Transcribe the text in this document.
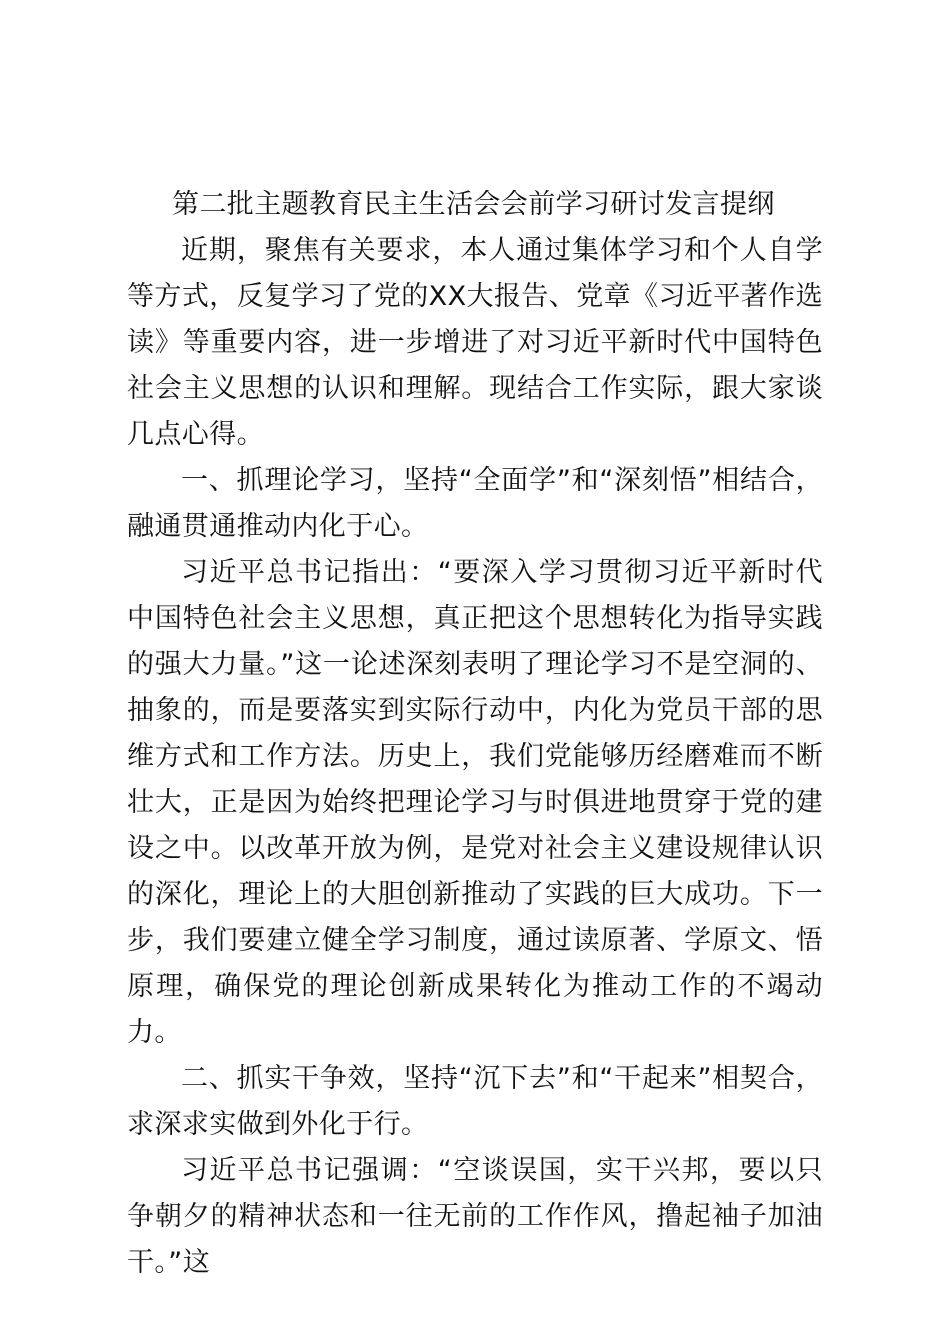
第二批主题教育民主生活会会前学习研讨发言提纲

近期，聚焦有关要求，本人通过集体学习和个人自学等方式，反复学习了党的XX大报告、党章《习近平著作选读》等重要内容，进一步增进了对习近平新时代中国特色社会主义思想的认识和理解。现结合工作实际，跟大家谈几点心得。

一、抓理论学习，坚持“全面学”和“深刻悟”相结合，融通贯通推动内化于心。

习近平总书记指出：“要深入学习贯彻习近平新时代中国特色社会主义思想，真正把这个思想转化为指导实践的强大力量。”这一论述深刻表明了理论学习不是空洞的、抽象的，而是要落实到实际行动中，内化为党员干部的思维方式和工作方法。历史上，我们党能够历经磨难而不断壮大，正是因为始终把理论学习与时俱进地贯穿于党的建设之中。以改革开放为例，是党对社会主义建设规律认识的深化，理论上的大胆创新推动了实践的巨大成功。下一步，我们要建立健全学习制度，通过读原著、学原文、悟原理，确保党的理论创新成果转化为推动工作的不竭动力。

二、抓实干争效，坚持“沉下去”和“干起来”相契合，求深求实做到外化于行。

习近平总书记强调：“空谈误国，实干兴邦，要以只争朝夕的精神状态和一往无前的工作作风，撸起袖子加油干。”这
